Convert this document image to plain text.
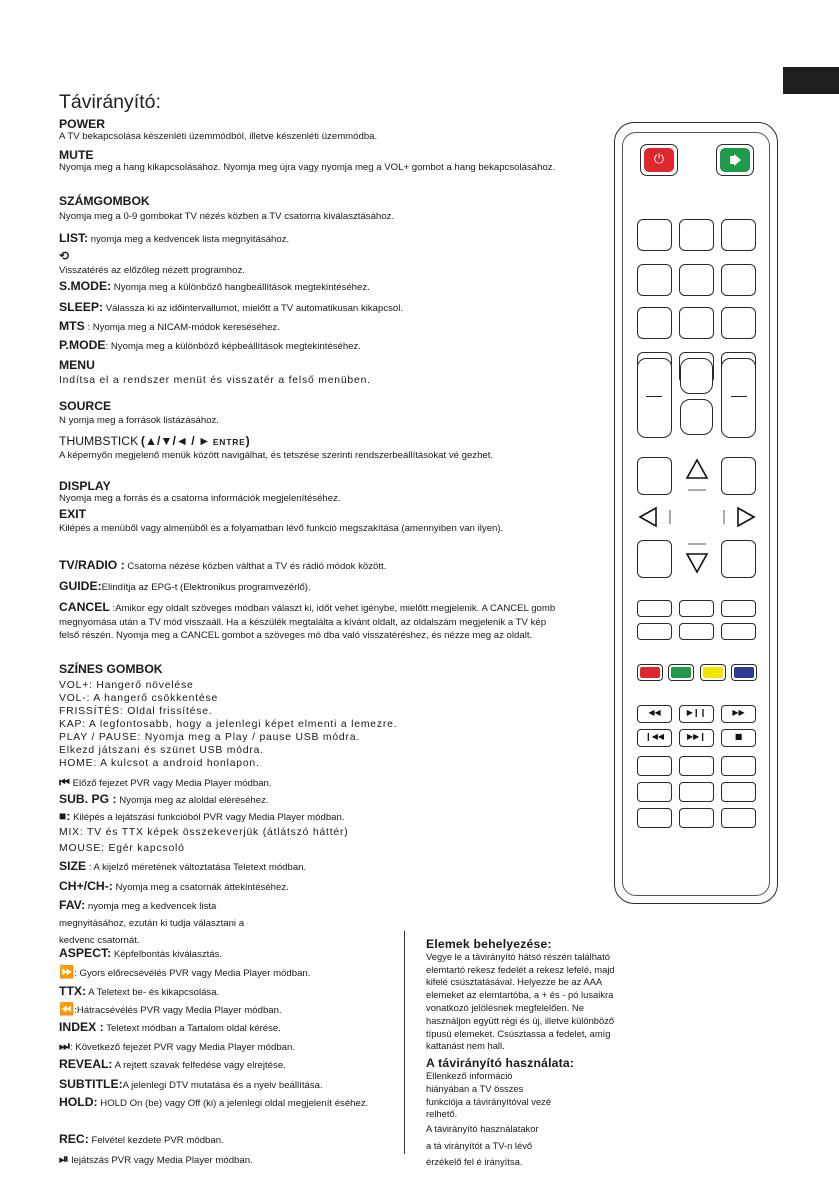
Távirányító:
POWER
A TV bekapcsolása készenléti üzemmódból, illetve készenléti üzemmódba.
MUTE
Nyomja meg a hang kikapcsolásához. Nyomja meg újra vagy nyomja meg a VOL+ gombot a hang bekapcsolásához.
SZÁMGOMBOK
Nyomja meg a 0-9 gombokat TV nézés közben a TV csatorna kiválasztásához.
LIST: nyomja meg a kedvencek lista megnyitásához.
⟲
Visszatérés az előzőleg nézett programhoz.
S.MODE: Nyomja meg a különböző hangbeállítások megtekintéséhez.
SLEEP: Válassza ki az időintervallumot, mielőtt a TV automatikusan kikapcsol.
MTS : Nyomja meg a NICAM-módok kereséséhez.
P.MODE: Nyomja meg a különböző képbeállítások megtekintéséhez.
MENU
Indítsa el a rendszer menüt és visszatér a felső menüben.
SOURCE
N yomja meg a források listázásához.
THUMBSTICK (▲/▼/◄ / ► ENTRE)
A képernyőn megjelenő menük között navigálhat, és tetszése szerinti rendszerbeállításokat vé gezhet.
DISPLAY
Nyomja meg a forrás és a csatorna információk megjelenítéséhez.
EXIT
Kilépés a menüből vagy almenüből és a folyamatban lévő funkció megszakítása (amennyiben van ilyen).
TV/RADIO : Csatorna nézése közben válthat a TV és rádió módok között.
GUIDE:Elindítja az EPG-t (Elektronikus programvezérlő).
CANCEL :Amikor egy oldalt szöveges módban választ ki, időt vehet igénybe, mielőtt megjelenik. A CANCEL gomb megnyomása után a TV mód visszaáll. Ha a készülék megtalálta a kívánt oldalt, az oldalszám megjelenik a TV kép felső részén. Nyomja meg a CANCEL gombot a szöveges mó dba való visszatéréshez, és nézze meg az oldalt.
SZÍNES GOMBOK
VOL+: Hangerő növelése
VOL-: A hangerő csökkentése
FRISSÍTÉS: Oldal frissítése.
KAP: A legfontosabb, hogy a jelenlegi képet elmenti a lemezre.
PLAY / PAUSE: Nyomja meg a Play / pause USB módra.
Elkezd játszani és szünet USB módra.
HOME: A kulcsot a android honlapon.
⏮ Előző fejezet PVR vagy Media Player módban.
SUB. PG : Nyomja meg az aloldal eléréséhez.
■: Kilépés a lejátszási funkcióból PVR vagy Media Player módban.
MIX: TV és TTX képek összekeverjük (átlátszó háttér)
MOUSE: Egér kapcsoló
SIZE : A kijelző méretének változtatása Teletext módban.
CH+/CH-: Nyomja meg a csatornák áttekintéséhez.
FAV: nyomja meg a kedvencek lista megnyitásához, ezután ki tudja választani a kedvenc csatornát.
ASPECT: Képfelbontás kiválasztás.
⏩: Gyors előrecsévélés PVR vagy Media Player módban.
TTX: A Teletext be- és kikapcsolása.
⏪:Hátracsévélés PVR vagy Media Player módban.
INDEX : Teletext módban a Tartalom oldal kérése.
⏭: Következő fejezet PVR vagy Media Player módban.
REVEAL: A rejtett szavak felfedése vagy elrejtése.
SUBTITLE:A jelenlegi DTV mutatása és a nyelv beállítása.
HOLD: HOLD On (be) vagy Off (ki) a jelenlegi oldal megjelenít éséhez.
REC: Felvétel kezdete PVR módban.
⏯ lejátszás PVR vagy Media Player módban.
Elemek behelyezése:
Vegye le a távirányító hátsó részén található elemtartó rekesz fedelét a rekesz lefelé, majd kifelé csúsztatásával. Helyezze be az AAA elemeket az elemtartóba, a + és - pó lusaikra vonatkozó jelölésnek megfelelően. Ne használjon együtt régi és új, illetve különböző típusú elemeket. Csúsztassa a fedelet, amíg kattanást nem hall.
A távirányító használata:
Ellenkező információ hiányában a TV összes funkciója a távirányítóval vezé relhető.
A távirányító használatakor a tá virányítót a TV-n lévő érzékelő fel é irányítsa.
⏻
◀◀	▶❙❙	▶▶
❙◀◀	▶▶❙	■
